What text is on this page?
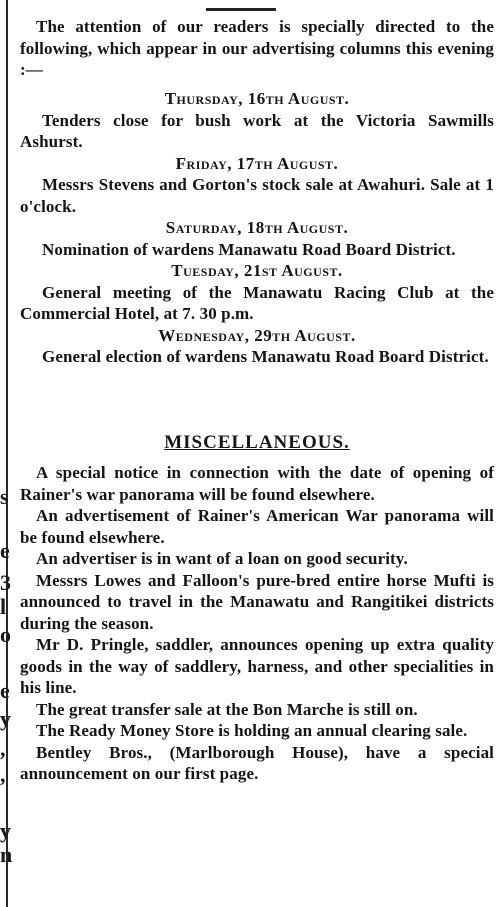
s
e
3
l
o
e
y
,
,
y
n

The attention of our readers is specially directed to the following, which appear in our advertising columns this evening :—

Thursday, 16th August.

Tenders close for bush work at the Victoria Sawmills Ashurst.

Friday, 17th August.

Messrs Stevens and Gorton's stock sale at Awahuri. Sale at 1 o'clock.

Saturday, 18th August.

Nomination of wardens Manawatu Road Board District.

Tuesday, 21st August.

General meeting of the Manawatu Racing Club at the Commercial Hotel, at 7. 30 p.m.

Wednesday, 29th August.

General election of wardens Manawatu Road Board District.

MISCELLANEOUS.

A special notice in connection with the date of opening of Rainer's war panorama will be found elsewhere.

An advertisement of Rainer's American War panorama will be found elsewhere.

An advertiser is in want of a loan on good security.

Messrs Lowes and Falloon's pure-bred entire horse Mufti is announced to travel in the Manawatu and Rangitikei districts during the season.

Mr D. Pringle, saddler, announces opening up extra quality goods in the way of saddlery, harness, and other specialities in his line.

The great transfer sale at the Bon Marche is still on.

The Ready Money Store is holding an annual clearing sale.

Bentley Bros., (Marlborough House), have a special announcement on our first page.
